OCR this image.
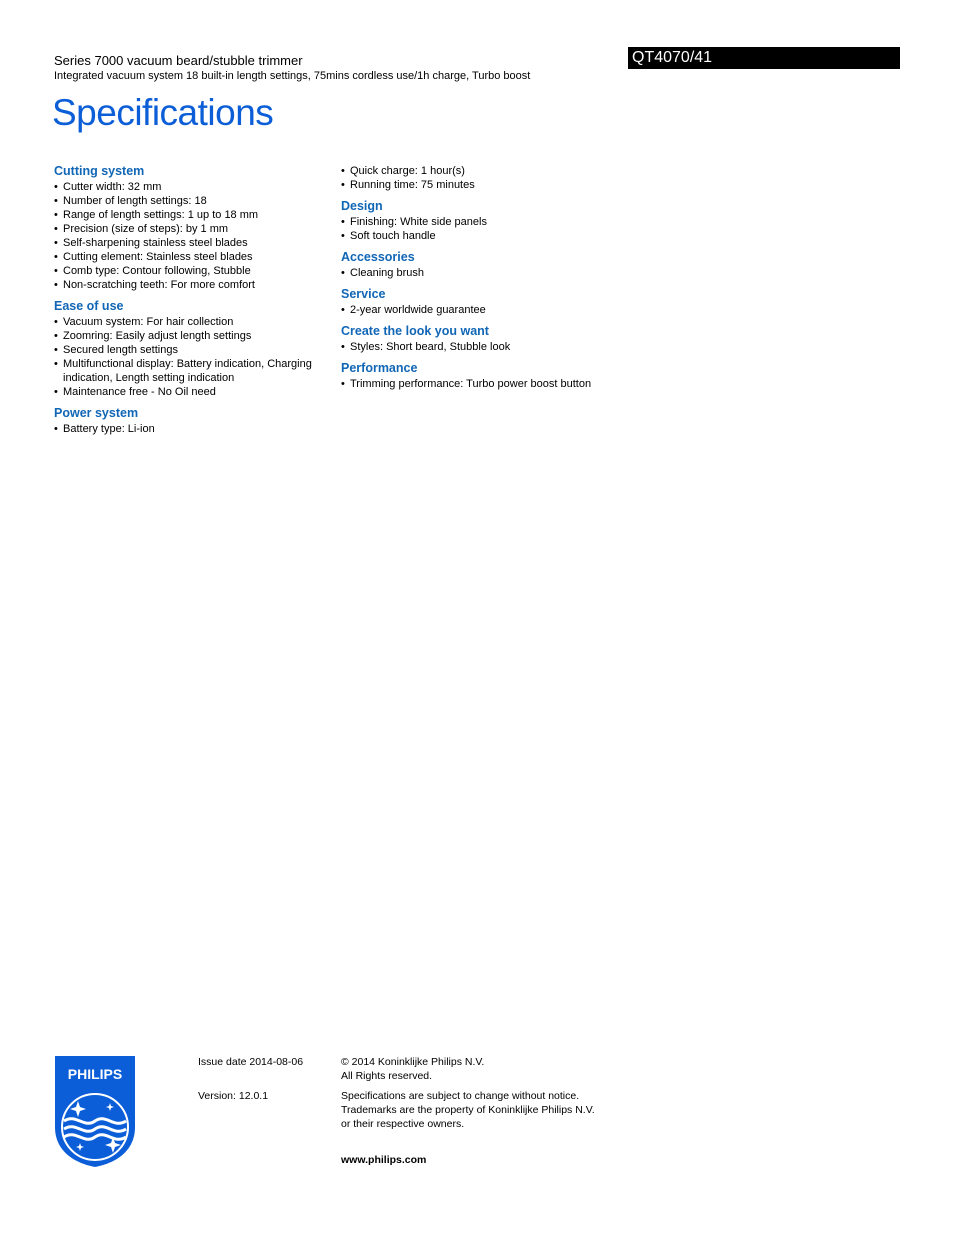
Series 7000 vacuum beard/stubble trimmer
Integrated vacuum system 18 built-in length settings, 75mins cordless use/1h charge, Turbo boost
QT4070/41
Specifications
Cutting system
• Cutter width: 32 mm
• Number of length settings: 18
• Range of length settings: 1 up to 18 mm
• Precision (size of steps): by 1 mm
• Self-sharpening stainless steel blades
• Cutting element: Stainless steel blades
• Comb type: Contour following, Stubble
• Non-scratching teeth: For more comfort
Ease of use
• Vacuum system: For hair collection
• Zoomring: Easily adjust length settings
• Secured length settings
• Multifunctional display: Battery indication, Charging indication, Length setting indication
• Maintenance free - No Oil need
Power system
• Battery type: Li-ion
• Quick charge: 1 hour(s)
• Running time: 75 minutes
Design
• Finishing: White side panels
• Soft touch handle
Accessories
• Cleaning brush
Service
• 2-year worldwide guarantee
Create the look you want
• Styles: Short beard, Stubble look
Performance
• Trimming performance: Turbo power boost button
PHILIPS
Issue date 2014-08-06
Version: 12.0.1
© 2014 Koninklijke Philips N.V.
All Rights reserved.
Specifications are subject to change without notice.
Trademarks are the property of Koninklijke Philips N.V.
or their respective owners.
www.philips.com
